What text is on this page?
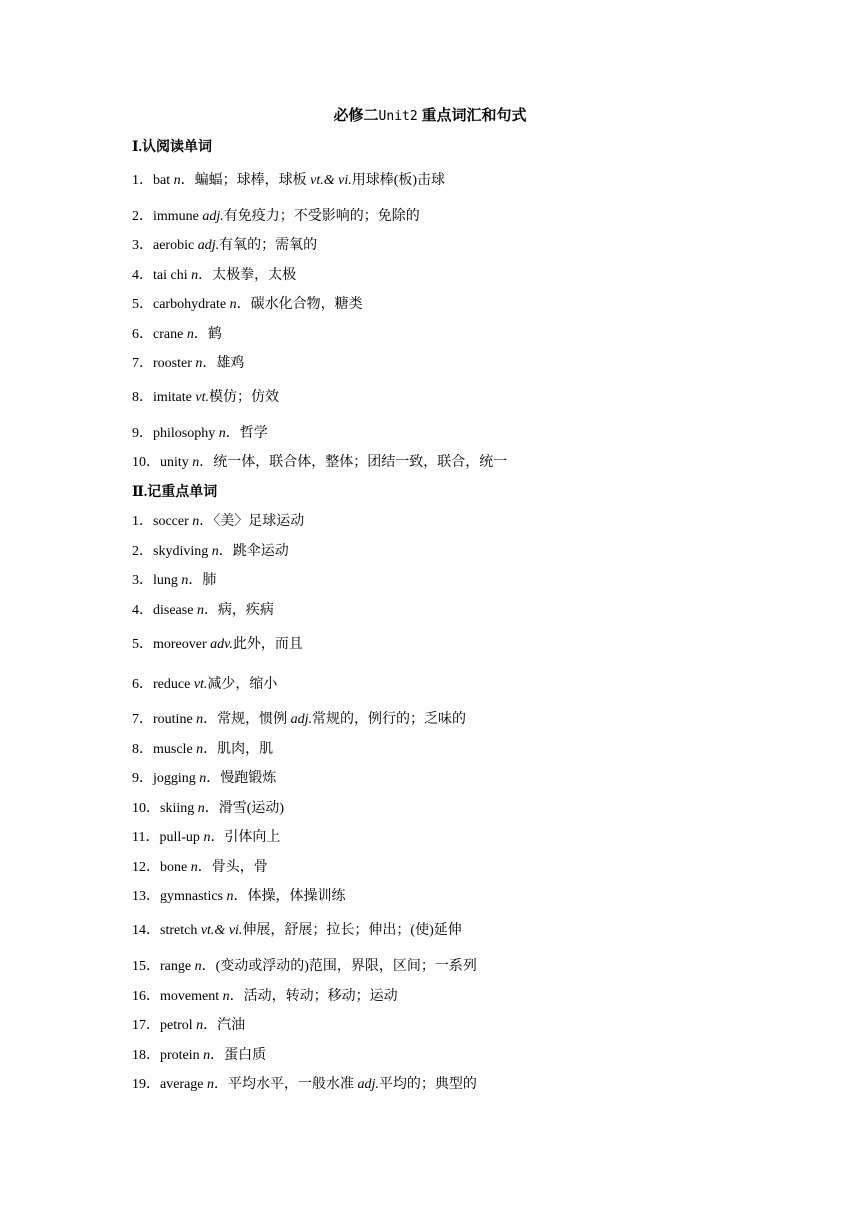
必修二Unit2 重点词汇和句式
Ⅰ.认阅读单词
1．bat n．蝙蝠；球棒，球板 vt.& vi.用球棒(板)击球
2．immune adj.有免疫力；不受影响的；免除的
3．aerobic adj.有氧的；需氧的
4．tai chi n．太极拳，太极
5．carbohydrate n．碳水化合物，糖类
6．crane n．鹤
7．rooster n．雄鸡
8．imitate vt.模仿；仿效
9．philosophy n．哲学
10．unity n．统一体，联合体，整体；团结一致，联合，统一
Ⅱ.记重点单词
1．soccer n．〈美〉足球运动
2．skydiving n．跳伞运动
3．lung n．肺
4．disease n．病，疾病
5．moreover adv.此外，而且
6．reduce vt.减少，缩小
7．routine n．常规，惯例 adj.常规的，例行的；乏味的
8．muscle n．肌肉，肌
9．jogging n．慢跑锻炼
10．skiing n．滑雪(运动)
11．pull-up n．引体向上
12．bone n．骨头，骨
13．gymnastics n．体操，体操训练
14．stretch vt.& vi.伸展，舒展；拉长；伸出；(使)延伸
15．range n．(变动或浮动的)范围，界限，区间；一系列
16．movement n．活动，转动；移动；运动
17．petrol n．汽油
18．protein n．蛋白质
19．average n．平均水平，一般水准 adj.平均的；典型的
